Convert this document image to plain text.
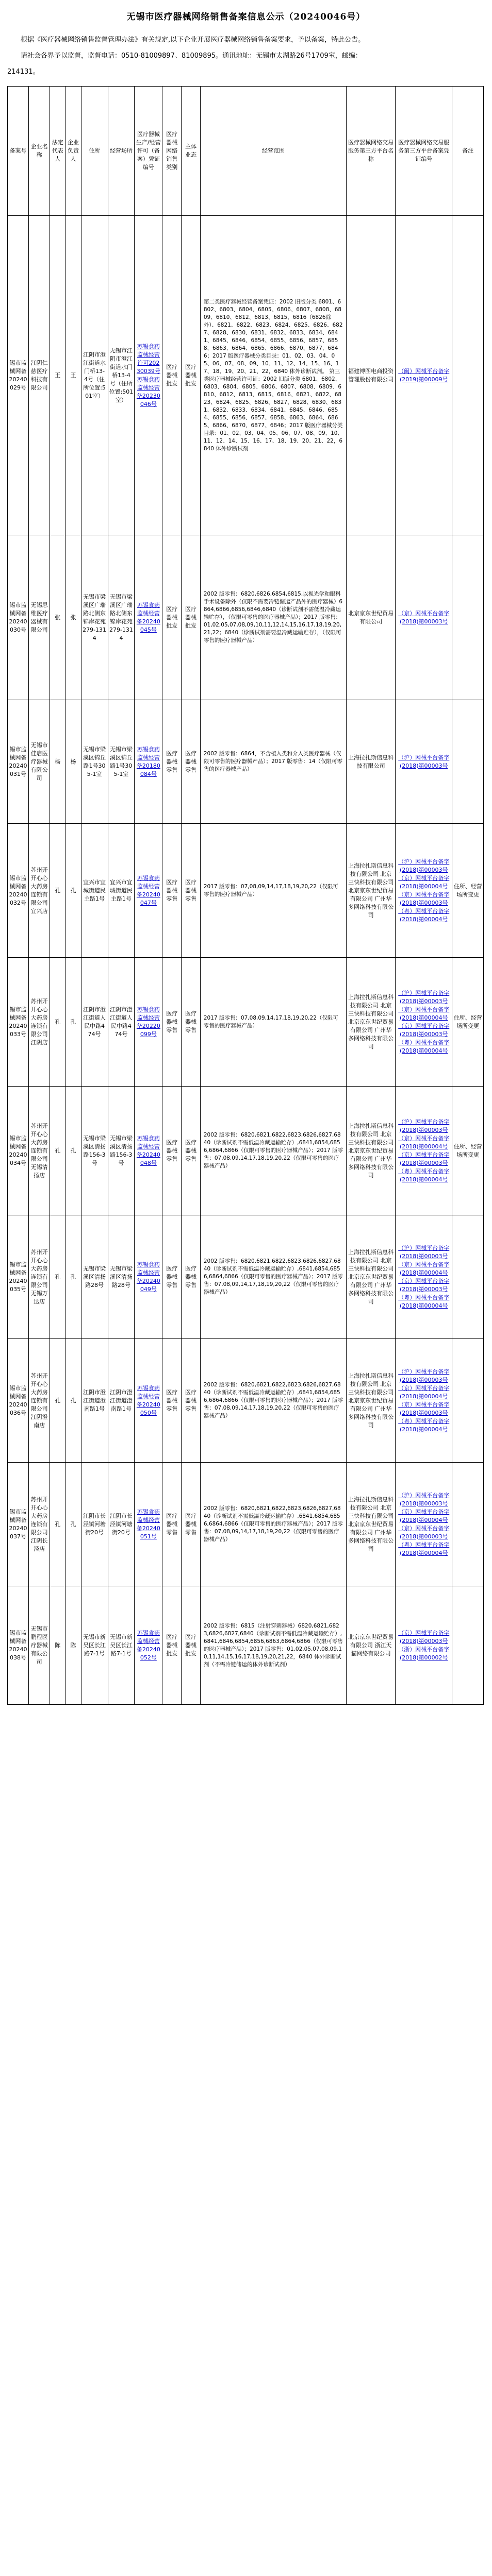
无锡市医疗器械网络销售备案信息公示（20240046号）

根据《医疗器械网络销售监督管理办法》有关规定,以下企业开展医疗器械网络销售备案要求，予以备案，特此公告。

请社会各界予以监督，监督电话：0510-81009897、81009895。通讯地址：无锡市太湖路26号1709室，邮编：

214131。

备案号	企业名称	法定代表人	企业负责人	住所	经营场所	医疗器械生产/经营许可（备案）凭证编号	医疗器械网络销售类别	主体业态	经营范围	医疗器械网络交易服务第三方平台名称	医疗器械网络交易服务第三方平台备案凭证编号	备注
锡市监械网备20240029号	江阴仁慈医疗科技有限公司	王	王	江阴市澄江街道水门桥13-4号（住所位置:501室）	无锡市江阴市澄江街道水门桥13-4号（住所位置:501室）	苏锡食药监械经营许可20230039号 苏锡食药监械经营备20230046号	医疗器械批发	医疗器械批发	第二类医疗器械经营备案凭证：2002 旧版分类 6801、6802、6803、6804、6805、6806、6807、6808、6809、6810、6812、6813、6815、6816（6826除外）、6821、6822、6823、6824、6825、6826、6827、6828、6830、6831、6832、6833、6834、6841、6845、6846、6854、6855、6856、6857、6858、6863、6864、6865、6866、6870、6877、6846；2017 版医疗器械分类目录：01、02、03、04、05、06、07、08、09、10、11、12、14、15、16、17、18、19、20、21、22，6840 体外诊断试剂。 第三类医疗器械经营许可证：2002 旧版分类 6801、6802、6803、6804、6805、6806、6807、6808、6809、6810、6812、6813、6815、6816、6821、6822、6823、6824、6825、6826、6827、6828、6830、6831、6832、6833、6834、6841、6845、6846、6854、6855、6856、6857、6858、6863、6864、6865、6866、6870、6877、6846；2017 版医疗器械分类目录：01、02、03、04、05、06、07、08、09、10、11、12、14、15、16、17、18、19、20、21、22，6840 体外诊断试剂	福建博图电商投资管理股份有限公司	（闽）网械平台备字(2019)第00009号	
锡市监械网备20240030号	无锡思维医疗器械有限公司	张	张	无锡市梁溪区广瑞路北侧东锦岸花苑279-1314	无锡市梁溪区广瑞路北侧东锦岸花苑279-1314	苏锡食药监械经营备20240045号	医疗器械批发	医疗器械批发	2002 版零售：6820,6826,6854,6815,以视光学和眼科手术设备除外（仅限不需要冷链储运产品外的医疗器械）6864,6866,6856,6846,6840（诊断试剂不需低温冷藏运输贮存），（仅限可零售的医疗器械产品）；2017 版零售：01,02,05,07,08,09,10,11,12,14,15,16,17,18,19,20,21,22；6840（诊断试剂需要温冷藏运输贮存），（仅限可零售的医疗器械产品）	北京京东世纪贸易有限公司	（京）网械平台备字(2018)第00003号	
锡市监械网备20240031号	无锡市佳启医疗器械有限公司	杨	杨	无锡市梁溪区锦丘路1号305-1室	无锡市梁溪区锦丘路1号305-1室	苏锡食药监械经营备20180084号	医疗器械零售	医疗器械零售	2002 版零售：6864，不含植入类和介入类医疗器械（仅限可零售的医疗器械产品）；2017 版零售：14（仅限可零售的医疗器械产品）	上海拉扎斯信息科技有限公司	（沪）网械平台备字(2018)第00003号	
锡市监械网备20240032号	苏州开开心心大药房连锁有限公司宜兴店	孔	孔	宜兴市宜城街道民主路1号	宜兴市宜城街道民主路1号	苏锡食药监械经营备20240047号	医疗器械零售	医疗器械零售	2017 版零售：07,08,09,14,17,18,19,20,22（仅限可零售的医疗器械产品）	上海拉扎斯信息科技有限公司 北京三快科技有限公司 北京京东世纪贸易有限公司 广州华多网络科技有限公司	（沪）网械平台备字(2018)第00003号 （京）网械平台备字(2018)第00004号 （京）网械平台备字(2018)第00003号 （粤）网械平台备字(2018)第00004号	住所、经营场所变更
锡市监械网备20240033号	苏州开开心心大药房连锁有限公司江阴店	孔	孔	江阴市澄江街道人民中路474号	江阴市澄江街道人民中路474号	苏锡食药监械经营备20220099号	医疗器械零售	医疗器械零售	2017 版零售：07,08,09,14,17,18,19,20,22（仅限可零售的医疗器械产品）	上海拉扎斯信息科技有限公司 北京三快科技有限公司 北京京东世纪贸易有限公司 广州华多网络科技有限公司	（沪）网械平台备字(2018)第00003号 （京）网械平台备字(2018)第00004号 （京）网械平台备字(2018)第00003号 （粤）网械平台备字(2018)第00004号	住所、经营场所变更
锡市监械网备20240034号	苏州开开心心大药房连锁有限公司无锡清扬店	孔	孔	无锡市梁溪区清扬路156-3号	无锡市梁溪区清扬路156-3号	苏锡食药监械经营备20240048号	医疗器械零售	医疗器械零售	2002 版零售：6820,6821,6822,6823,6826,6827,6840（诊断试剂不需低温冷藏运输贮存）,6841,6854,6856,6864,6866（仅限可零售的医疗器械产品）；2017 版零售：07,08,09,14,17,18,19,20,22（仅限可零售的医疗器械产品）	上海拉扎斯信息科技有限公司 北京三快科技有限公司 北京京东世纪贸易有限公司 广州华多网络科技有限公司	（沪）网械平台备字(2018)第00003号 （京）网械平台备字(2018)第00004号 （京）网械平台备字(2018)第00003号 （粤）网械平台备字(2018)第00004号	住所、经营场所变更
锡市监械网备20240035号	苏州开开心心大药房连锁有限公司无锡万达店	孔	孔	无锡市梁溪区清扬路28号	无锡市梁溪区清扬路28号	苏锡食药监械经营备20240049号	医疗器械零售	医疗器械零售	2002 版零售：6820,6821,6822,6823,6826,6827,6840（诊断试剂不需低温冷藏运输贮存）,6841,6854,6856,6864,6866（仅限可零售的医疗器械产品）；2017 版零售：07,08,09,14,17,18,19,20,22（仅限可零售的医疗器械产品）	上海拉扎斯信息科技有限公司 北京三快科技有限公司 北京京东世纪贸易有限公司 广州华多网络科技有限公司	（沪）网械平台备字(2018)第00003号 （京）网械平台备字(2018)第00004号 （京）网械平台备字(2018)第00003号 （粤）网械平台备字(2018)第00004号	
锡市监械网备20240036号	苏州开开心心大药房连锁有限公司江阴澄南店	孔	孔	江阴市澄江街道澄南路1号	江阴市澄江街道澄南路1号	苏锡食药监械经营备20240050号	医疗器械零售	医疗器械零售	2002 版零售：6820,6821,6822,6823,6826,6827,6840（诊断试剂不需低温冷藏运输贮存）,6841,6854,6856,6864,6866（仅限可零售的医疗器械产品）；2017 版零售：07,08,09,14,17,18,19,20,22（仅限可零售的医疗器械产品）	上海拉扎斯信息科技有限公司 北京三快科技有限公司 北京京东世纪贸易有限公司 广州华多网络科技有限公司	（沪）网械平台备字(2018)第00003号 （京）网械平台备字(2018)第00004号 （京）网械平台备字(2018)第00003号 （粤）网械平台备字(2018)第00004号	
锡市监械网备20240037号	苏州开开心心大药房连锁有限公司江阴长泾店	孔	孔	江阴市长泾镇河塘街20号	江阴市长泾镇河塘街20号	苏锡食药监械经营备20240051号	医疗器械零售	医疗器械零售	2002 版零售：6820,6821,6822,6823,6826,6827,6840（诊断试剂不需低温冷藏运输贮存）,6841,6854,6856,6864,6866（仅限可零售的医疗器械产品）；2017 版零售：07,08,09,14,17,18,19,20,22（仅限可零售的医疗器械产品）	上海拉扎斯信息科技有限公司 北京三快科技有限公司 北京京东世纪贸易有限公司 广州华多网络科技有限公司	（沪）网械平台备字(2018)第00003号 （京）网械平台备字(2018)第00004号 （京）网械平台备字(2018)第00003号 （粤）网械平台备字(2018)第00004号	
锡市监械网备20240038号	无锡市鹏程医疗器械有限公司	陈	陈	无锡市新吴区长江路7-1号	无锡市新吴区长江路7-1号	苏锡食药监械经营备20240052号	医疗器械批发	医疗器械批发	2002 版零售：6815（注射穿刺器械）6820,6821,6823,6826,6827,6840（诊断试剂不需低温冷藏运输贮存）,6841,6846,6854,6856,6863,6864,6866（仅限可零售的医疗器械产品）；2017 版零售：01,02,05,07,08,09,10,11,14,15,16,17,18,19,20,21,22，6840 体外诊断试剂（不需冷链储运的体外诊断试剂）	北京京东世纪贸易有限公司 浙江天猫网络有限公司	（京）网械平台备字(2018)第00003号 （浙）网械平台备字(2018)第00002号	
